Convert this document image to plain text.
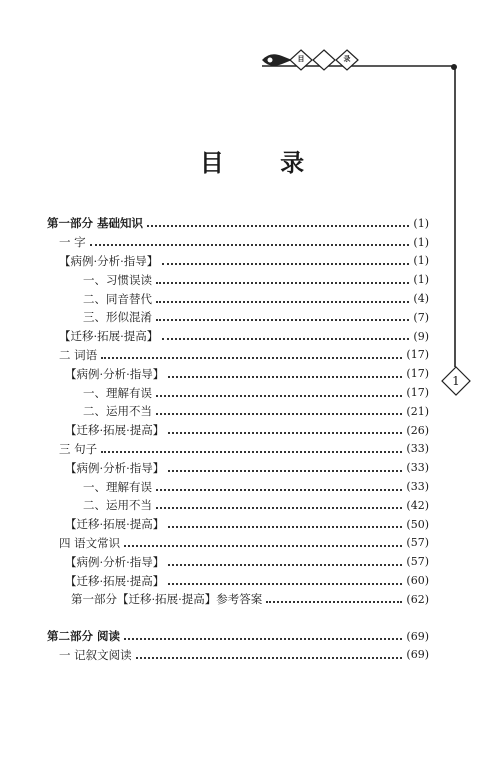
目	录
目 录
第一部分 基础知识	(1)
一 字	(1)
【病例·分析·指导】	(1)
一、习惯误读	(1)
二、同音替代	(4)
三、形似混淆	(7)
【迁移·拓展·提高】	(9)
二 词语	(17)
【病例·分析·指导】	(17)
一、理解有误	(17)
二、运用不当	(21)
【迁移·拓展·提高】	(26)
三 句子	(33)
【病例·分析·指导】	(33)
一、理解有误	(33)
二、运用不当	(42)
【迁移·拓展·提高】	(50)
四 语文常识	(57)
【病例·分析·指导】	(57)
【迁移·拓展·提高】	(60)
第一部分【迁移·拓展·提高】参考答案	(62)
第二部分 阅读	(69)
一 记叙文阅读	(69)
1
